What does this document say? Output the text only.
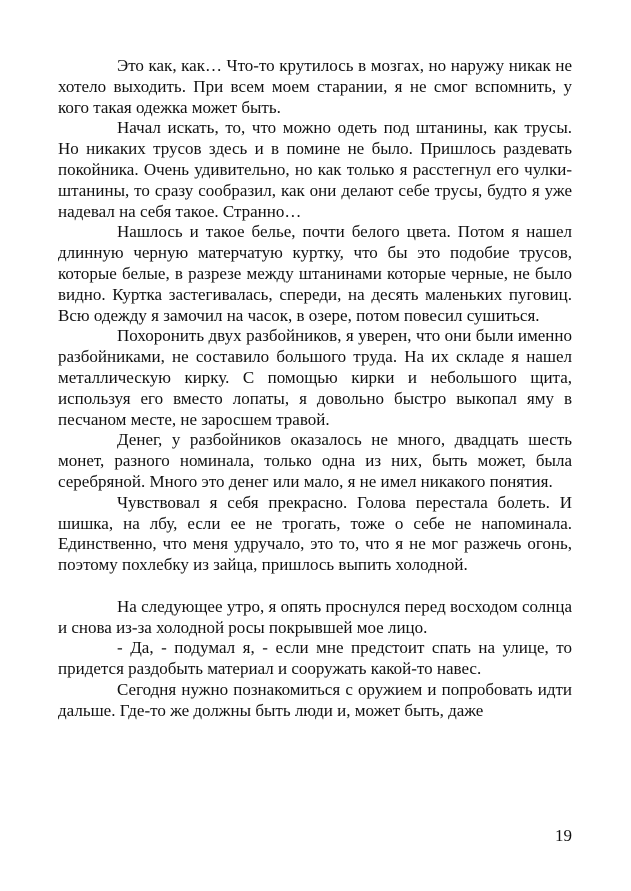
Это как, как… Что-то крутилось в мозгах, но наружу никак не хотело выходить. При всем моем старании, я не смог вспомнить, у кого такая одежка может быть.

Начал искать, то, что можно одеть под штанины, как трусы. Но никаких трусов здесь и в помине не было. Пришлось раздевать покойника. Очень удивительно, но как только я расстегнул его чулки-штанины, то сразу сообразил, как они делают себе трусы, будто я уже надевал на себя такое. Странно…

Нашлось и такое белье, почти белого цвета. Потом я нашел длинную черную матерчатую куртку, что бы это подобие трусов, которые белые, в разрезе между штанинами которые черные, не было видно. Куртка застегивалась, спереди, на десять маленьких пуговиц. Всю одежду я замочил на часок, в озере, потом повесил сушиться.

Похоронить двух разбойников, я уверен, что они были именно разбойниками, не составило большого труда. На их складе я нашел металлическую кирку. С помощью кирки и небольшого щита, используя его вместо лопаты, я довольно быстро выкопал яму в песчаном месте, не заросшем травой.

Денег, у разбойников оказалось не много, двадцать шесть монет, разного номинала, только одна из них, быть может, была серебряной. Много это денег или мало, я не имел никакого понятия.

Чувствовал я себя прекрасно. Голова перестала болеть. И шишка, на лбу, если ее не трогать, тоже о себе не напоминала. Единственно, что меня удручало, это то, что я не мог разжечь огонь, поэтому похлебку из зайца, пришлось выпить холодной.

На следующее утро, я опять проснулся перед восходом солнца и снова из-за холодной росы покрывшей мое лицо.

- Да, - подумал я, - если мне предстоит спать на улице, то придется раздобыть материал и сооружать какой-то навес.

Сегодня нужно познакомиться с оружием и попробовать идти дальше. Где-то же должны быть люди и, может быть, даже

19
